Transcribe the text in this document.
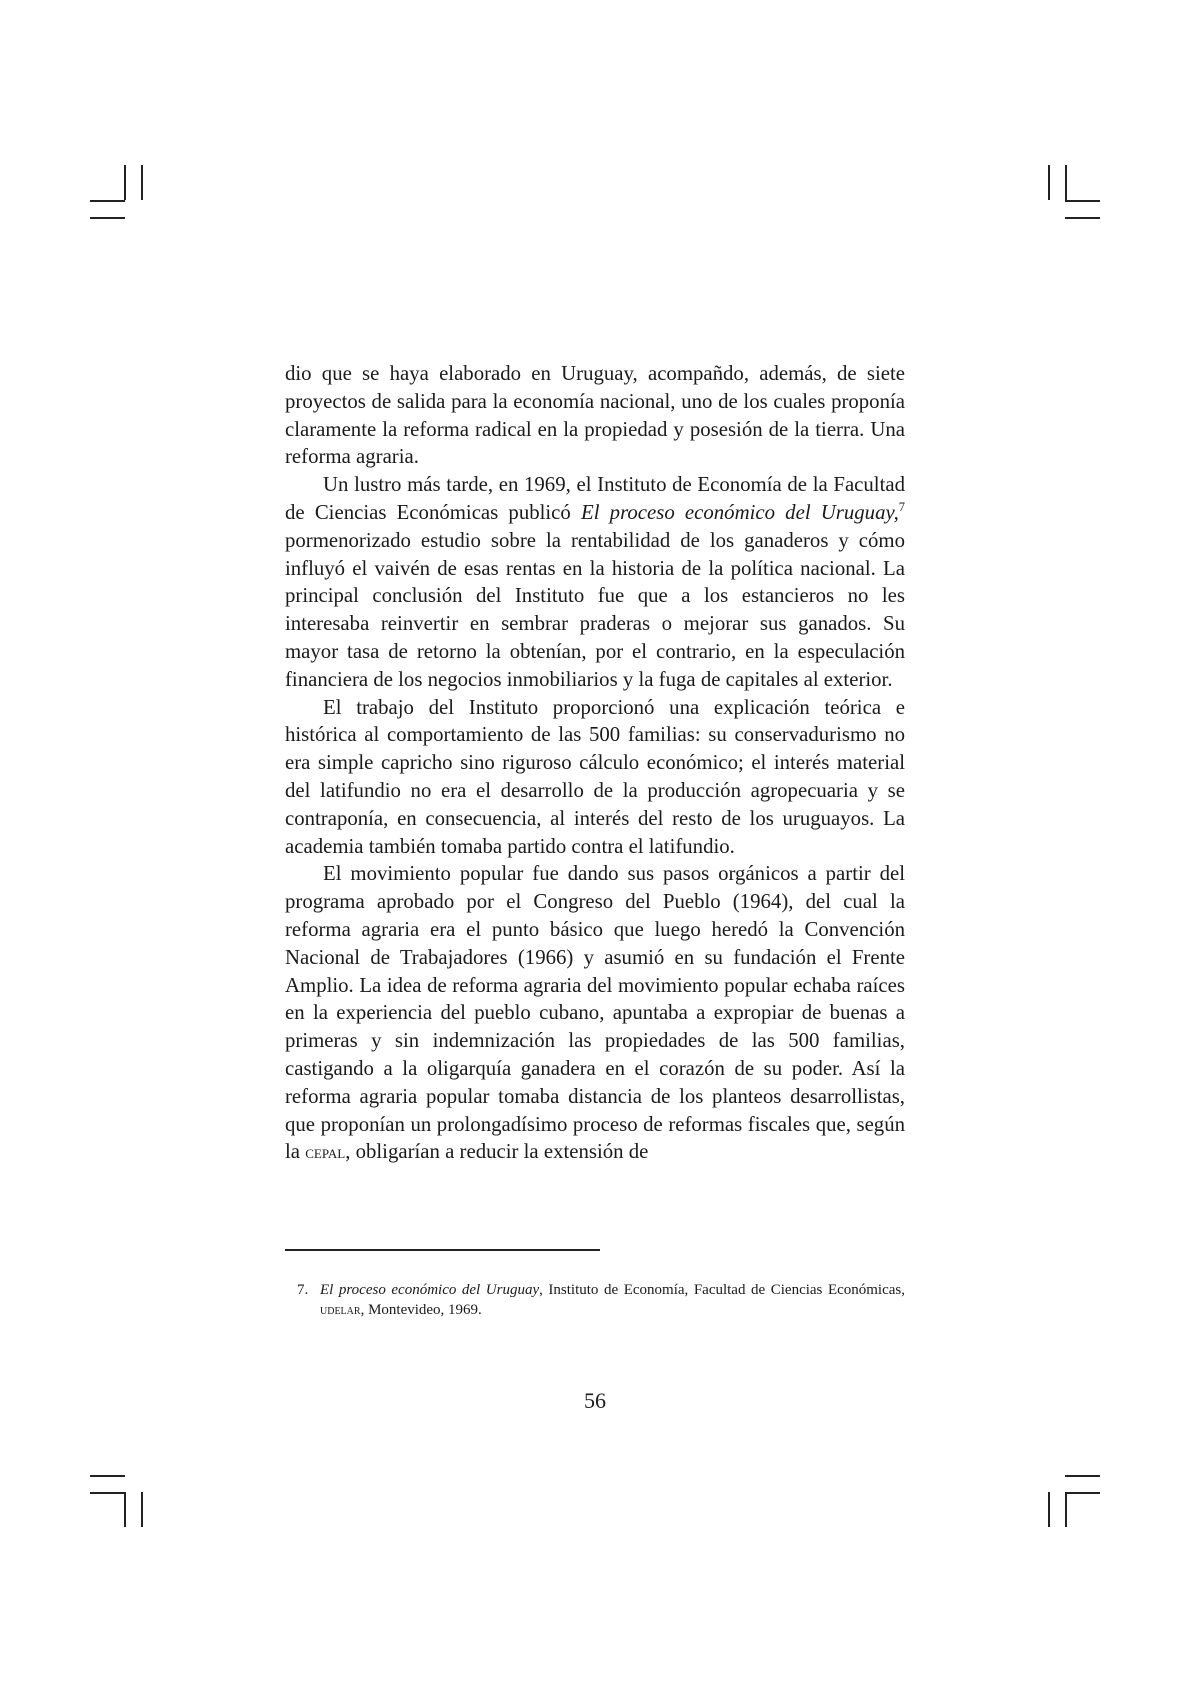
dio que se haya elaborado en Uruguay, acompañdo, además, de siete proyectos de salida para la economía nacional, uno de los cuales proponía claramente la reforma radical en la propiedad y posesión de la tierra. Una reforma agraria.

Un lustro más tarde, en 1969, el Instituto de Economía de la Facultad de Ciencias Económicas publicó El proceso económico del Uruguay,$^7$ pormenorizado estudio sobre la rentabilidad de los ganaderos y cómo influyó el vaivén de esas rentas en la historia de la política nacional. La principal conclusión del Instituto fue que a los estancieros no les interesaba reinvertir en sembrar praderas o mejorar sus ganados. Su mayor tasa de retorno la obtenían, por el contrario, en la especulación financiera de los negocios inmobiliarios y la fuga de capitales al exterior.

El trabajo del Instituto proporcionó una explicación teórica e histórica al comportamiento de las 500 familias: su conservadurismo no era simple capricho sino riguroso cálculo económico; el interés material del latifundio no era el desarrollo de la producción agropecuaria y se contraponía, en consecuencia, al interés del resto de los uruguayos. La academia también tomaba partido contra el latifundio.

El movimiento popular fue dando sus pasos orgánicos a partir del programa aprobado por el Congreso del Pueblo (1964), del cual la reforma agraria era el punto básico que luego heredó la Convención Nacional de Trabajadores (1966) y asumió en su fundación el Frente Amplio. La idea de reforma agraria del movimiento popular echaba raíces en la experiencia del pueblo cubano, apuntaba a expropiar de buenas a primeras y sin indemnización las propiedades de las 500 familias, castigando a la oligarquía ganadera en el corazón de su poder. Así la reforma agraria popular tomaba distancia de los planteos desarrollistas, que proponían un prolongadísimo proceso de reformas fiscales que, según la cepal, obligarían a reducir la extensión de

7. El proceso económico del Uruguay, Instituto de Economía, Facultad de Ciencias Económicas, udelar, Montevideo, 1969.
56
